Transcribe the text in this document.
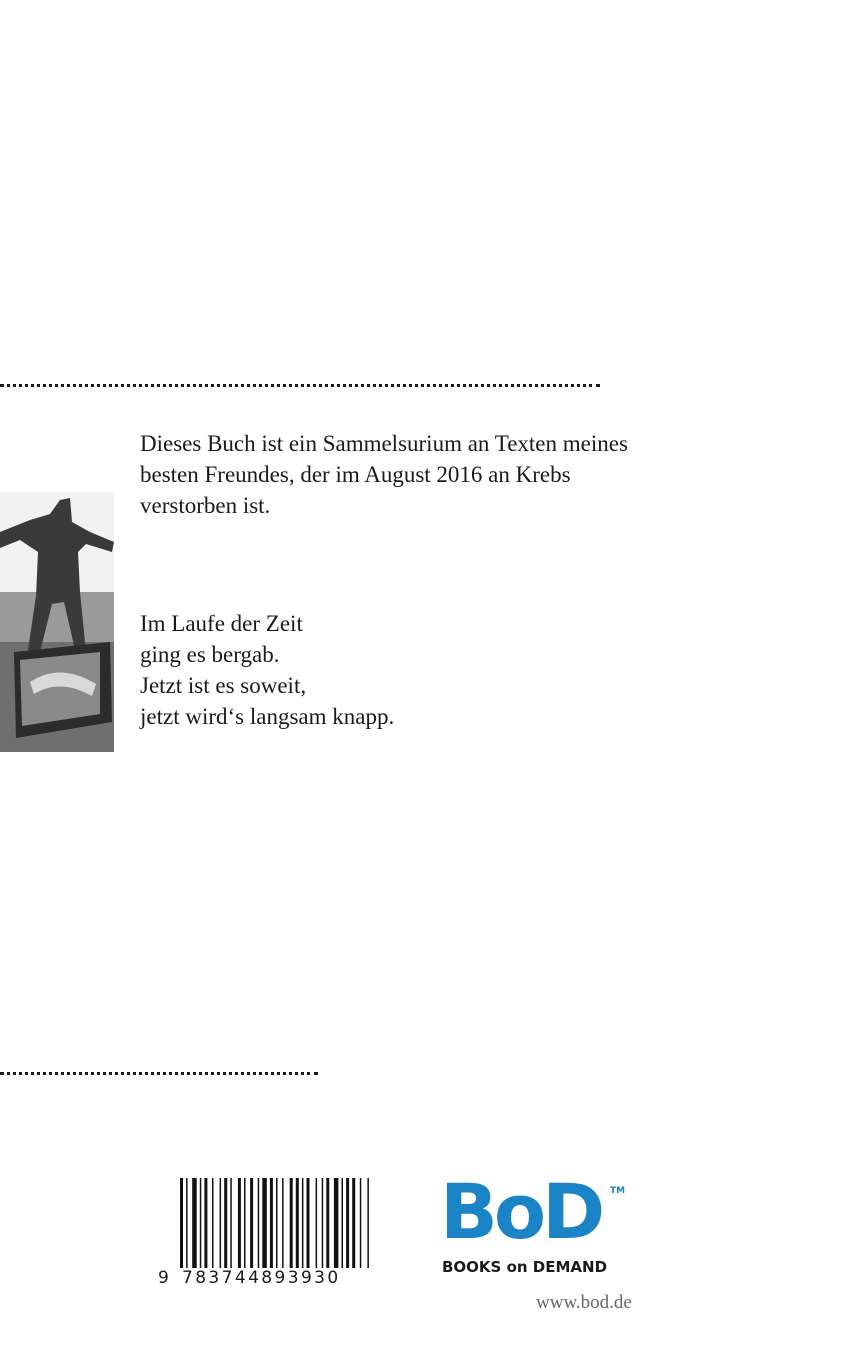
Dieses Buch ist ein Sammelsurium an Texten meines
besten Freundes, der im August 2016 an Krebs
verstorben ist.

Im Laufe der Zeit
ging es bergab.
Jetzt ist es soweit,
jetzt wird‘s langsam knapp.

9 783744893930
BoD TM
BOOKS on DEMAND
www.bod.de
